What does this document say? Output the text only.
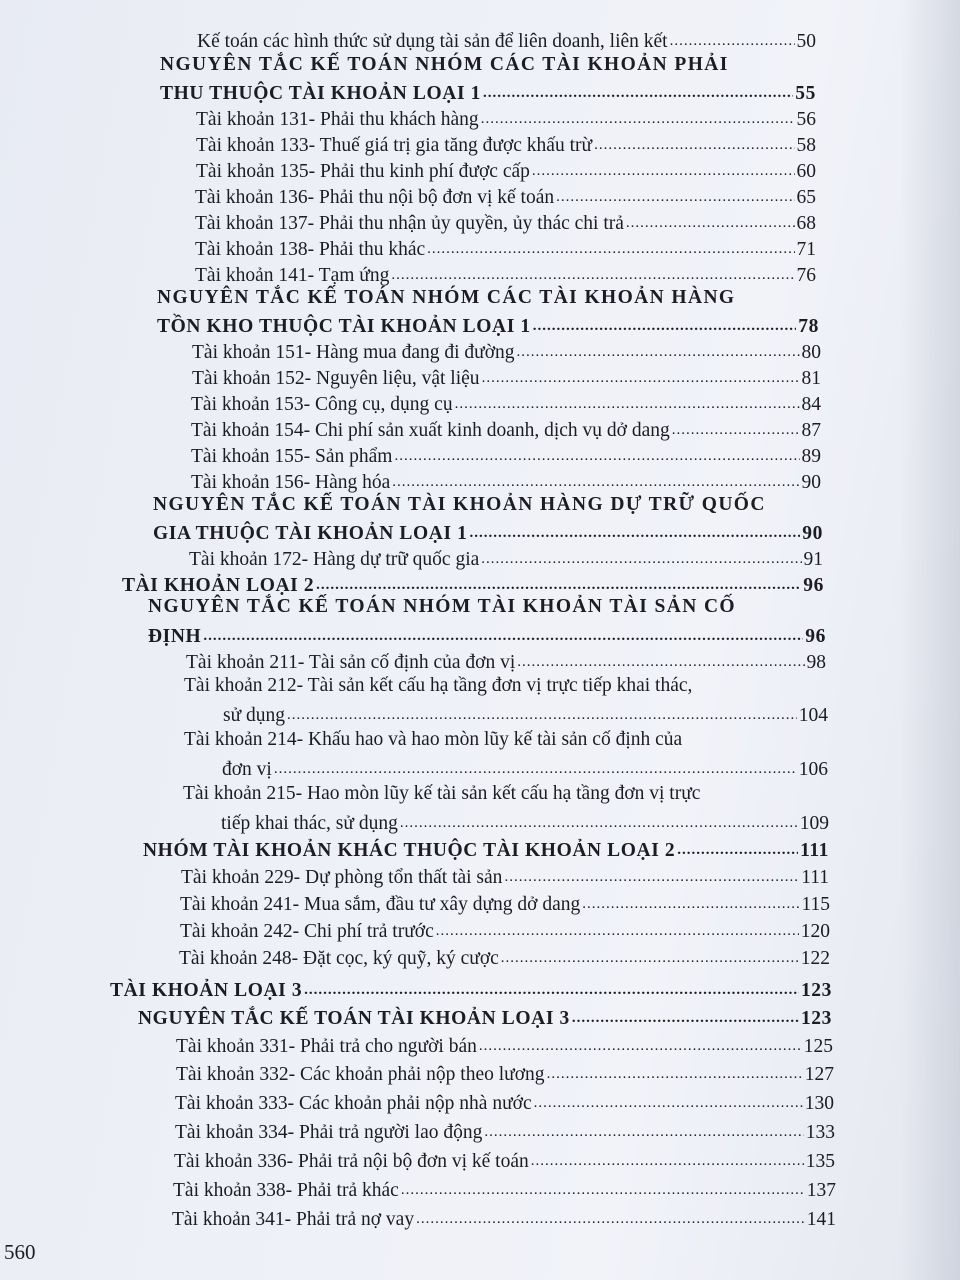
Kế toán các hình thức sử dụng tài sản để liên doanh, liên kết .....	50
NGUYÊN TẮC KẾ TOÁN NHÓM CÁC TÀI KHOẢN PHẢI
THU THUỘC TÀI KHOẢN LOẠI 1 .....	55
Tài khoản 131- Phải thu khách hàng .....	56
Tài khoản 133- Thuế giá trị gia tăng được khấu trừ .....	58
Tài khoản 135- Phải thu kinh phí được cấp .....	60
Tài khoản 136- Phải thu nội bộ đơn vị kế toán .....	65
Tài khoản 137- Phải thu nhận ủy quyền, ủy thác chi trả .....	68
Tài khoản 138- Phải thu khác .....	71
Tài khoản 141- Tạm ứng .....	76
NGUYÊN TẮC KẾ TOÁN NHÓM CÁC TÀI KHOẢN HÀNG
TỒN KHO THUỘC TÀI KHOẢN LOẠI 1 .....	78
Tài khoản 151- Hàng mua đang đi đường .....	80
Tài khoản 152- Nguyên liệu, vật liệu .....	81
Tài khoản 153- Công cụ, dụng cụ .....	84
Tài khoản 154- Chi phí sản xuất kinh doanh, dịch vụ dở dang .....	87
Tài khoản 155- Sản phẩm .....	89
Tài khoản 156- Hàng hóa .....	90
NGUYÊN TẮC KẾ TOÁN TÀI KHOẢN HÀNG DỰ TRỮ QUỐC
GIA THUỘC TÀI KHOẢN LOẠI 1 .....	90
Tài khoản 172- Hàng dự trữ quốc gia .....	91
TÀI KHOẢN LOẠI 2 .....	96
NGUYÊN TẮC KẾ TOÁN NHÓM TÀI KHOẢN TÀI SẢN CỐ
ĐỊNH .....	96
Tài khoản 211- Tài sản cố định của đơn vị .....	98
Tài khoản 212- Tài sản kết cấu hạ tầng đơn vị trực tiếp khai thác,
sử dụng .....	104
Tài khoản 214- Khấu hao và hao mòn lũy kế tài sản cố định của
đơn vị .....	106
Tài khoản 215- Hao mòn lũy kế tài sản kết cấu hạ tầng đơn vị trực
tiếp khai thác, sử dụng .....	109
NHÓM TÀI KHOẢN KHÁC THUỘC TÀI KHOẢN LOẠI 2 .....	111
Tài khoản 229- Dự phòng tổn thất tài sản .....	111
Tài khoản 241- Mua sắm, đầu tư xây dựng dở dang .....	115
Tài khoản 242- Chi phí trả trước .....	120
Tài khoản 248- Đặt cọc, ký quỹ, ký cược .....	122
TÀI KHOẢN LOẠI 3 .....	123
NGUYÊN TẮC KẾ TOÁN TÀI KHOẢN LOẠI 3 .....	123
Tài khoản 331- Phải trả cho người bán .....	125
Tài khoản 332- Các khoản phải nộp theo lương .....	127
Tài khoản 333- Các khoản phải nộp nhà nước .....	130
Tài khoản 334- Phải trả người lao động .....	133
Tài khoản 336- Phải trả nội bộ đơn vị kế toán .....	135
Tài khoản 338- Phải trả khác .....	137
Tài khoản 341- Phải trả nợ vay .....	141
560
